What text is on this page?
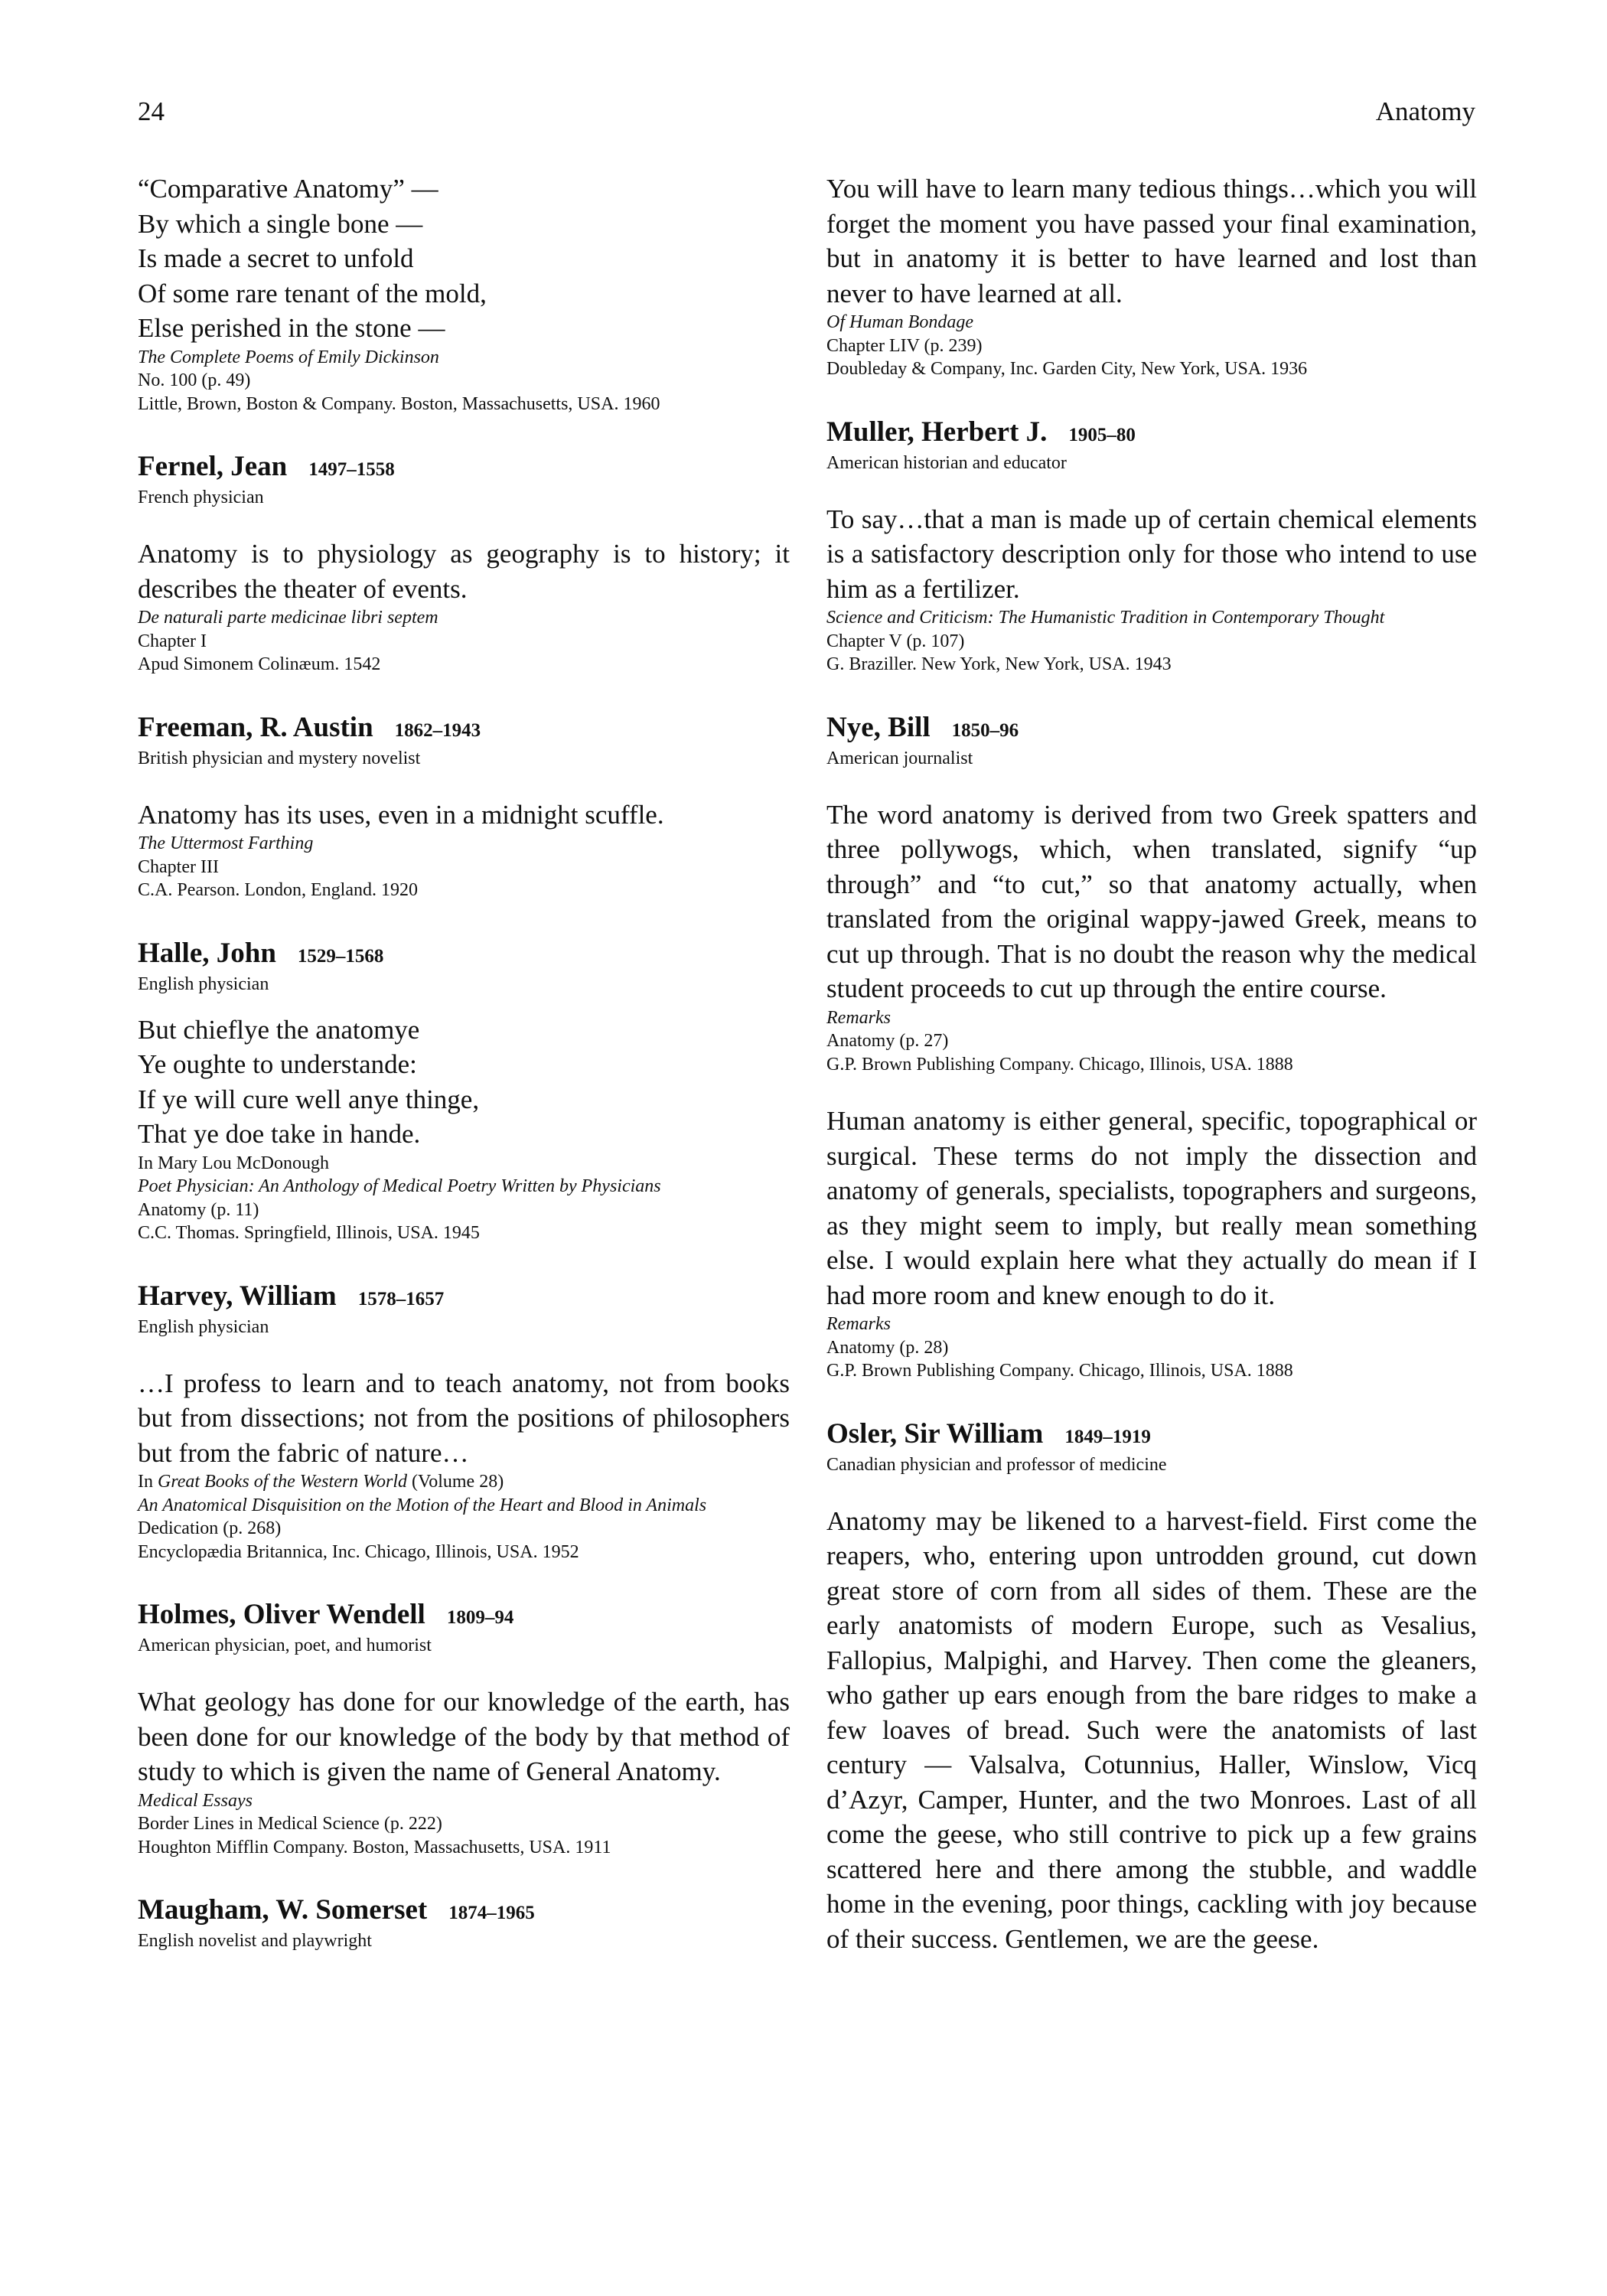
24	Anatomy
“Comparative Anatomy” —
By which a single bone —
Is made a secret to unfold
Of some rare tenant of the mold,
Else perished in the stone —
The Complete Poems of Emily Dickinson
No. 100 (p. 49)
Little, Brown, Boston & Company. Boston, Massachusetts, USA. 1960
Fernel, Jean 1497–1558
French physician
Anatomy is to physiology as geography is to history; it describes the theater of events.
De naturali parte medicinae libri septem
Chapter I
Apud Simonem Colinæum. 1542
Freeman, R. Austin 1862–1943
British physician and mystery novelist
Anatomy has its uses, even in a midnight scuffle.
The Uttermost Farthing
Chapter III
C.A. Pearson. London, England. 1920
Halle, John 1529–1568
English physician
But chieflye the anatomye
Ye oughte to understande:
If ye will cure well anye thinge,
That ye doe take in hande.
In Mary Lou McDonough
Poet Physician: An Anthology of Medical Poetry Written by Physicians
Anatomy (p. 11)
C.C. Thomas. Springfield, Illinois, USA. 1945
Harvey, William 1578–1657
English physician
…I profess to learn and to teach anatomy, not from books but from dissections; not from the positions of philosophers but from the fabric of nature…
In Great Books of the Western World (Volume 28)
An Anatomical Disquisition on the Motion of the Heart and Blood in Animals
Dedication (p. 268)
Encyclopædia Britannica, Inc. Chicago, Illinois, USA. 1952
Holmes, Oliver Wendell 1809–94
American physician, poet, and humorist
What geology has done for our knowledge of the earth, has been done for our knowledge of the body by that method of study to which is given the name of General Anatomy.
Medical Essays
Border Lines in Medical Science (p. 222)
Houghton Mifflin Company. Boston, Massachusetts, USA. 1911
Maugham, W. Somerset 1874–1965
English novelist and playwright
You will have to learn many tedious things…which you will forget the moment you have passed your final examination, but in anatomy it is better to have learned and lost than never to have learned at all.
Of Human Bondage
Chapter LIV (p. 239)
Doubleday & Company, Inc. Garden City, New York, USA. 1936
Muller, Herbert J. 1905–80
American historian and educator
To say…that a man is made up of certain chemical elements is a satisfactory description only for those who intend to use him as a fertilizer.
Science and Criticism: The Humanistic Tradition in Contemporary Thought
Chapter V (p. 107)
G. Braziller. New York, New York, USA. 1943
Nye, Bill 1850–96
American journalist
The word anatomy is derived from two Greek spatters and three pollywogs, which, when translated, signify “up through” and “to cut,” so that anatomy actually, when translated from the original wappy-jawed Greek, means to cut up through. That is no doubt the reason why the medical student proceeds to cut up through the entire course.
Remarks
Anatomy (p. 27)
G.P. Brown Publishing Company. Chicago, Illinois, USA. 1888
Human anatomy is either general, specific, topographical or surgical. These terms do not imply the dissection and anatomy of generals, specialists, topographers and surgeons, as they might seem to imply, but really mean something else. I would explain here what they actually do mean if I had more room and knew enough to do it.
Remarks
Anatomy (p. 28)
G.P. Brown Publishing Company. Chicago, Illinois, USA. 1888
Osler, Sir William 1849–1919
Canadian physician and professor of medicine
Anatomy may be likened to a harvest-field. First come the reapers, who, entering upon untrodden ground, cut down great store of corn from all sides of them. These are the early anatomists of modern Europe, such as Vesalius, Fallopius, Malpighi, and Harvey. Then come the gleaners, who gather up ears enough from the bare ridges to make a few loaves of bread. Such were the anatomists of last century — Valsalva, Cotunnius, Haller, Winslow, Vicq d’Azyr, Camper, Hunter, and the two Monroes. Last of all come the geese, who still contrive to pick up a few grains scattered here and there among the stubble, and waddle home in the evening, poor things, cackling with joy because of their success. Gentlemen, we are the geese.
